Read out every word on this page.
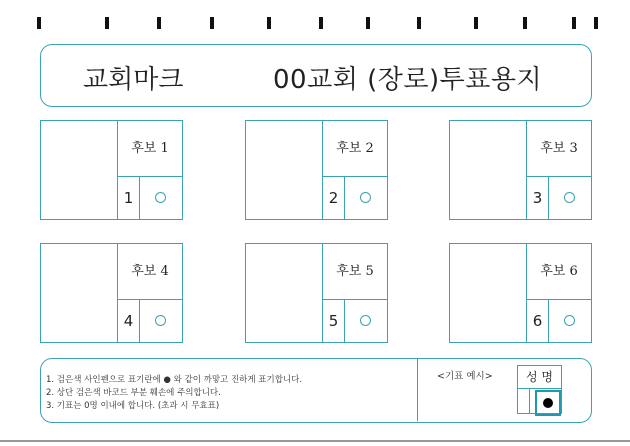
교회마크	00교회 (장로)투표용지
후보 1
1
후보 2
2
후보 3
3
후보 4
4
후보 5
5
후보 6
6
1. 검은색 사인펜으로 표기란에 ● 와 같이 까맣고 진하게 표기합니다.
2. 상단 검은색 바코드 부분 훼손에 주의합니다.
3. 기표는 0명 이내에 합니다. (초과 시 무효표)
<기표 예시>	성 명
